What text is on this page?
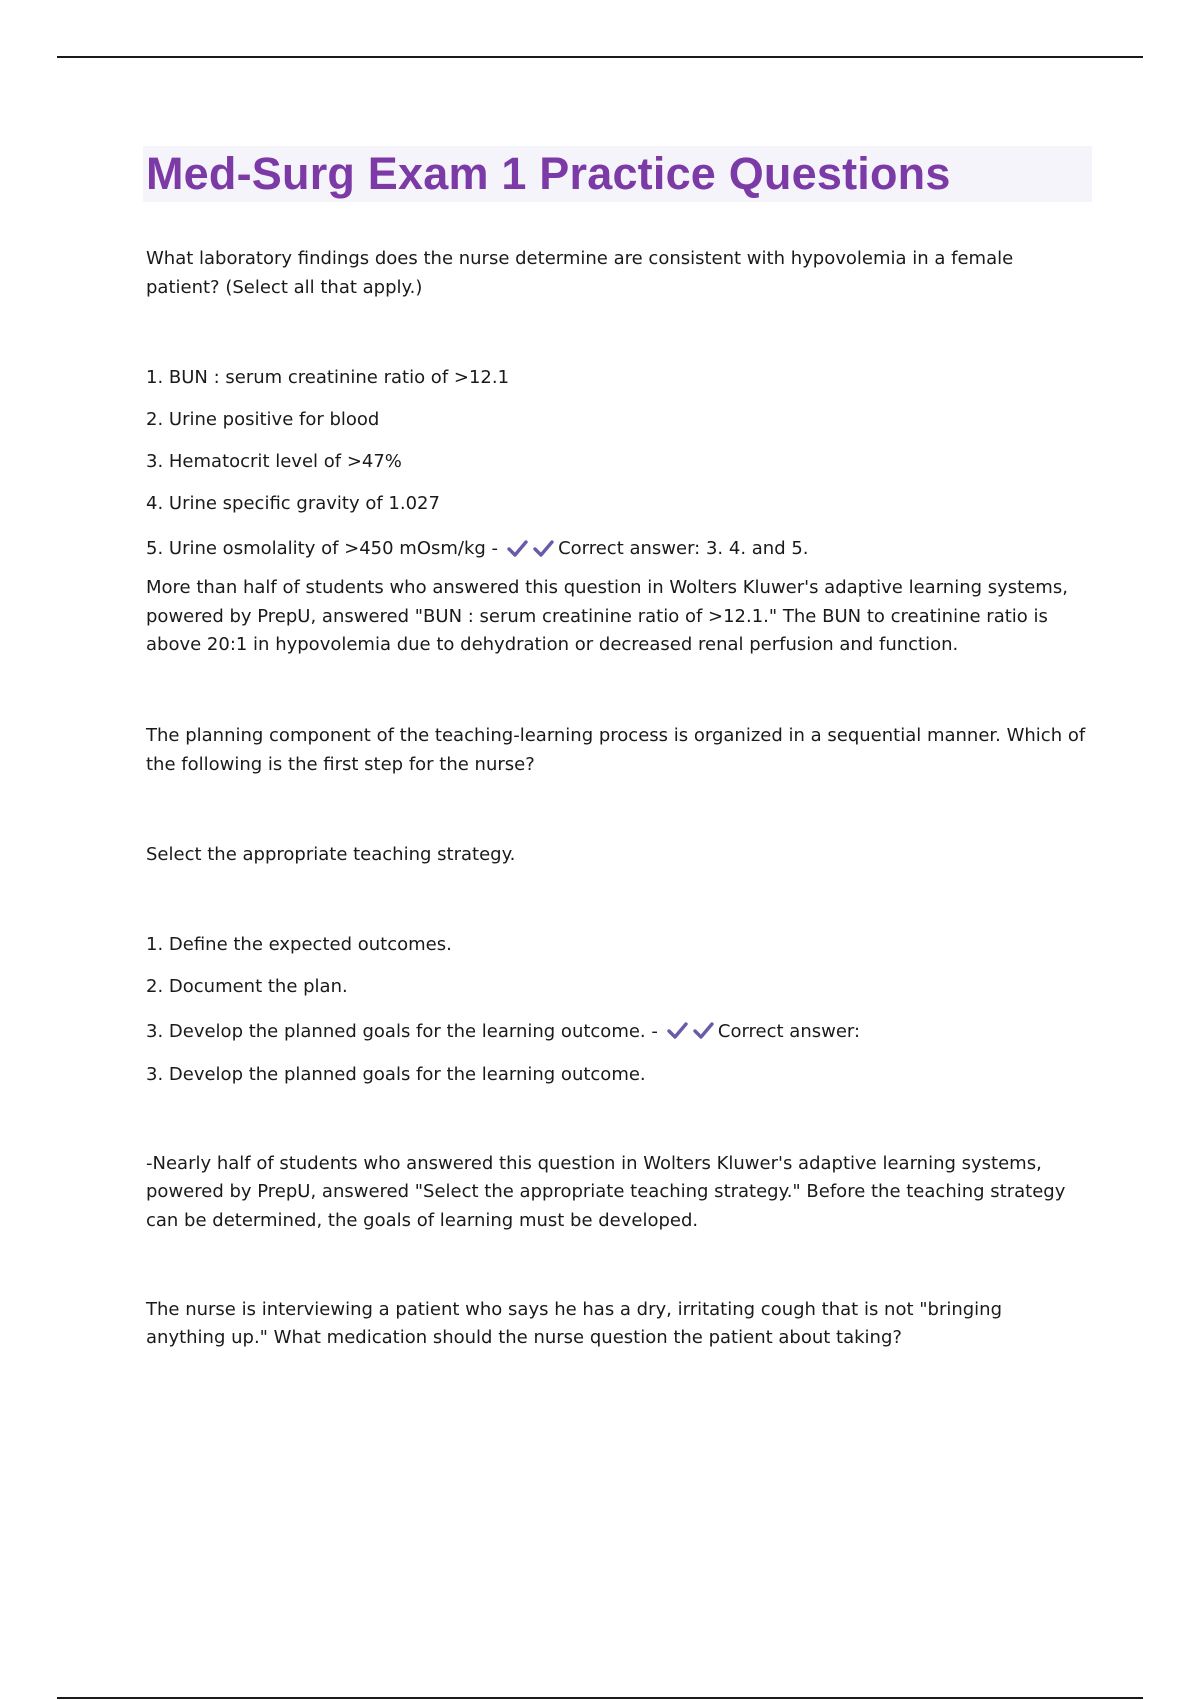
Med-Surg Exam 1 Practice Questions

What laboratory findings does the nurse determine are consistent with hypovolemia in a female patient? (Select all that apply.)

1. BUN : serum creatinine ratio of >12.1

2. Urine positive for blood

3. Hematocrit level of >47%

4. Urine specific gravity of 1.027

5. Urine osmolality of >450 mOsm/kg -	Correct answer: 3. 4. and 5.

More than half of students who answered this question in Wolters Kluwer's adaptive learning systems, powered by PrepU, answered "BUN : serum creatinine ratio of >12.1." The BUN to creatinine ratio is above 20:1 in hypovolemia due to dehydration or decreased renal perfusion and function.

The planning component of the teaching-learning process is organized in a sequential manner. Which of the following is the first step for the nurse?

Select the appropriate teaching strategy.

1. Define the expected outcomes.

2. Document the plan.

3. Develop the planned goals for the learning outcome. -	Correct answer:

3. Develop the planned goals for the learning outcome.

-Nearly half of students who answered this question in Wolters Kluwer's adaptive learning systems, powered by PrepU, answered "Select the appropriate teaching strategy." Before the teaching strategy can be determined, the goals of learning must be developed.

The nurse is interviewing a patient who says he has a dry, irritating cough that is not "bringing anything up." What medication should the nurse question the patient about taking?
